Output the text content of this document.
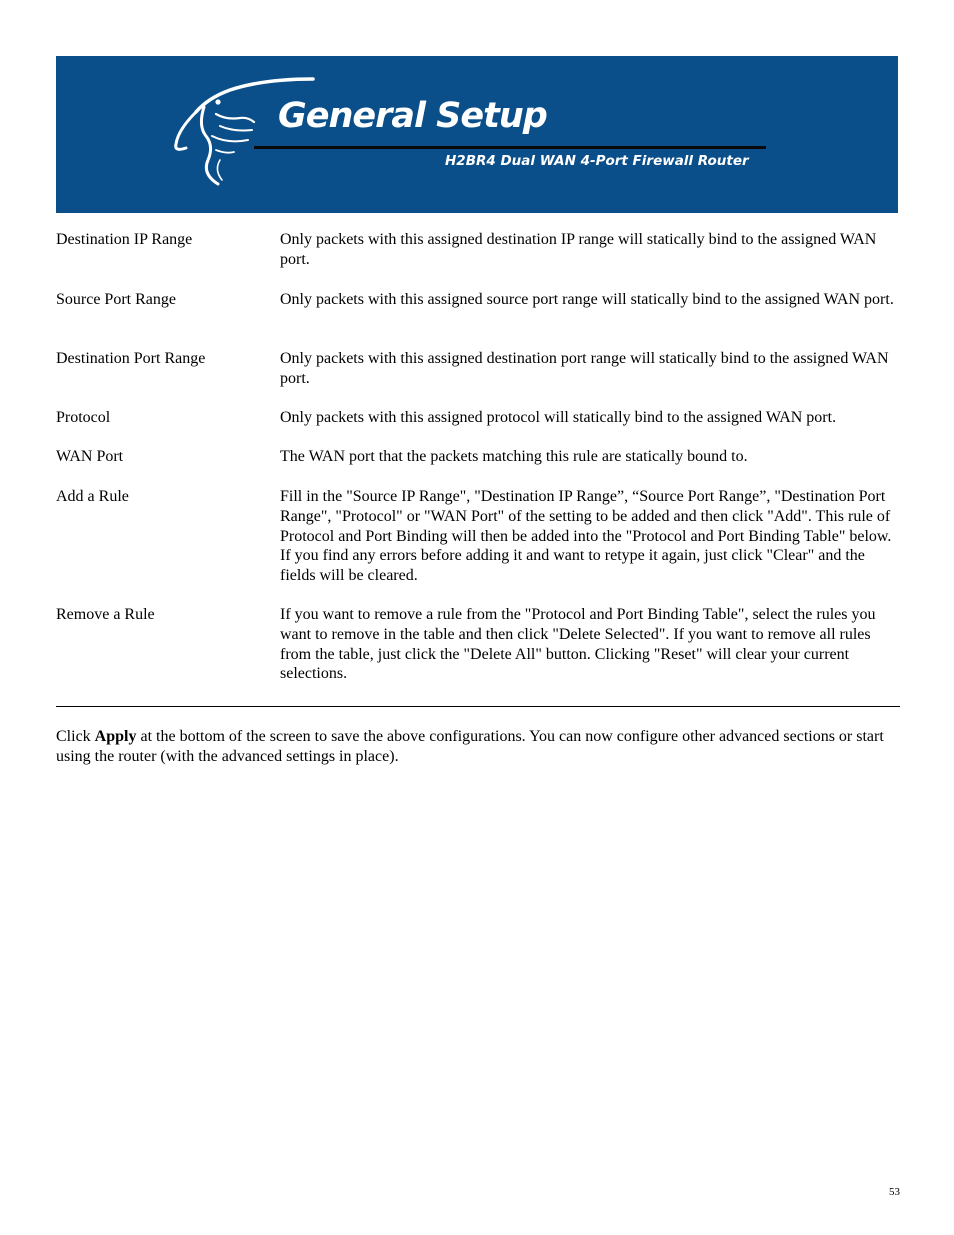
General Setup
H2BR4 Dual WAN 4-Port Firewall Router
Destination IP Range	Only packets with this assigned destination IP range will statically bind to the assigned WAN port.
Source Port Range	Only packets with this assigned source port range will statically bind to the assigned WAN port.
Destination Port Range	Only packets with this assigned destination port range will statically bind to the assigned WAN port.
Protocol	Only packets with this assigned protocol will statically bind to the assigned WAN port.
WAN Port	The WAN port that the packets matching this rule are statically bound to.
Add a Rule	Fill in the "Source IP Range", "Destination IP Range”, “Source Port Range”, "Destination Port Range", "Protocol" or "WAN Port" of the setting to be added and then click "Add". This rule of Protocol and Port Binding will then be added into the "Protocol and Port Binding Table" below. If you find any errors before adding it and want to retype it again, just click "Clear" and the fields will be cleared.
Remove a Rule	If you want to remove a rule from the "Protocol and Port Binding Table", select the rules you want to remove in the table and then click "Delete Selected". If you want to remove all rules from the table, just click the "Delete All" button. Clicking "Reset" will clear your current selections.
Click Apply at the bottom of the screen to save the above configurations. You can now configure other advanced sections or start using the router (with the advanced settings in place).
53
